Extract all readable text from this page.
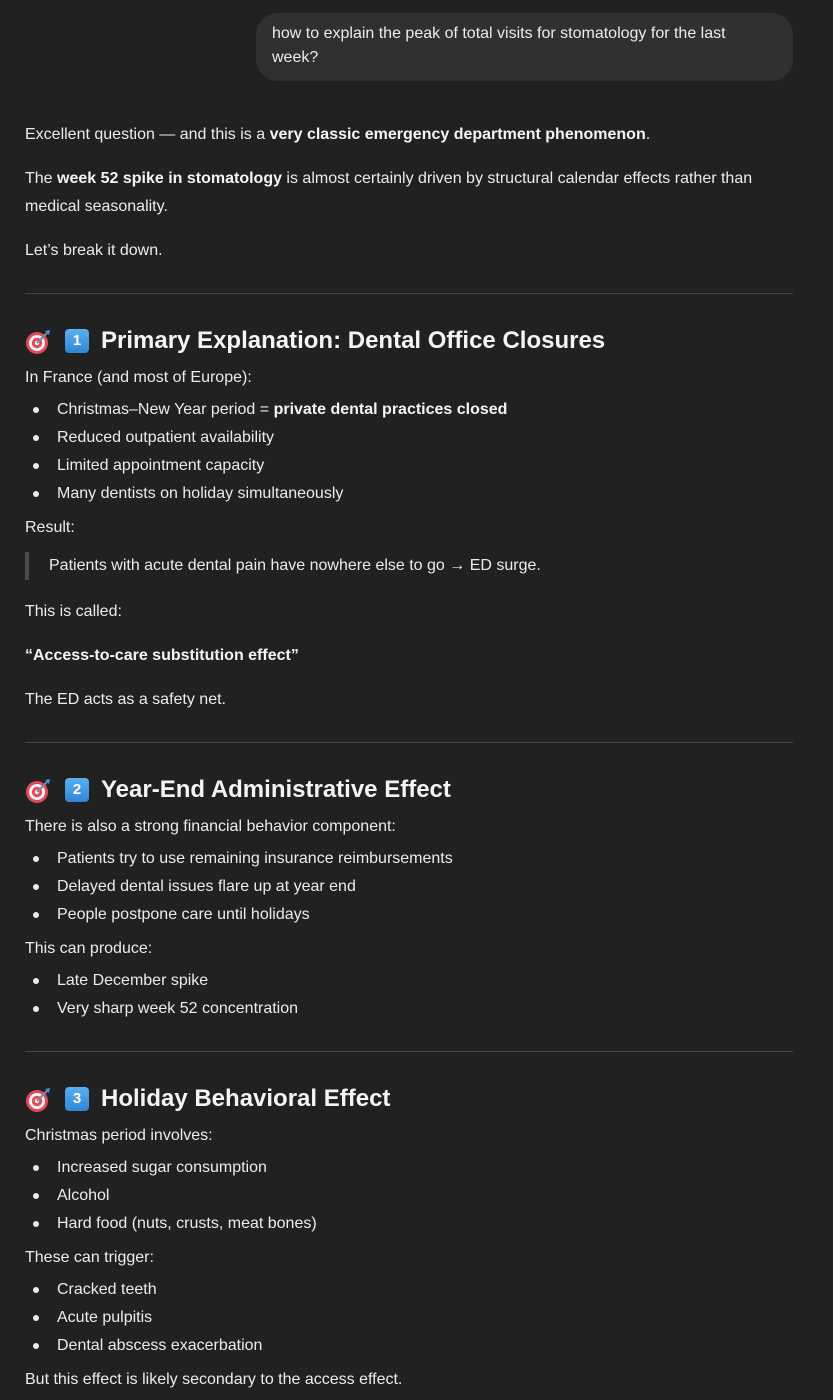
how to explain the peak of total visits for stomatology for the last week?

Excellent question — and this is a very classic emergency department phenomenon.

The week 52 spike in stomatology is almost certainly driven by structural calendar effects rather than medical seasonality.

Let’s break it down.

1 Primary Explanation: Dental Office Closures

In France (and most of Europe):

Christmas–New Year period = private dental practices closed
Reduced outpatient availability
Limited appointment capacity
Many dentists on holiday simultaneously

Result:

Patients with acute dental pain have nowhere else to go → ED surge.

This is called:

“Access-to-care substitution effect”

The ED acts as a safety net.

2 Year-End Administrative Effect

There is also a strong financial behavior component:

Patients try to use remaining insurance reimbursements
Delayed dental issues flare up at year end
People postpone care until holidays

This can produce:

Late December spike
Very sharp week 52 concentration
3 Holiday Behavioral Effect

Christmas period involves:

Increased sugar consumption
Alcohol
Hard food (nuts, crusts, meat bones)

These can trigger:

Cracked teeth
Acute pulpitis
Dental abscess exacerbation

But this effect is likely secondary to the access effect.
